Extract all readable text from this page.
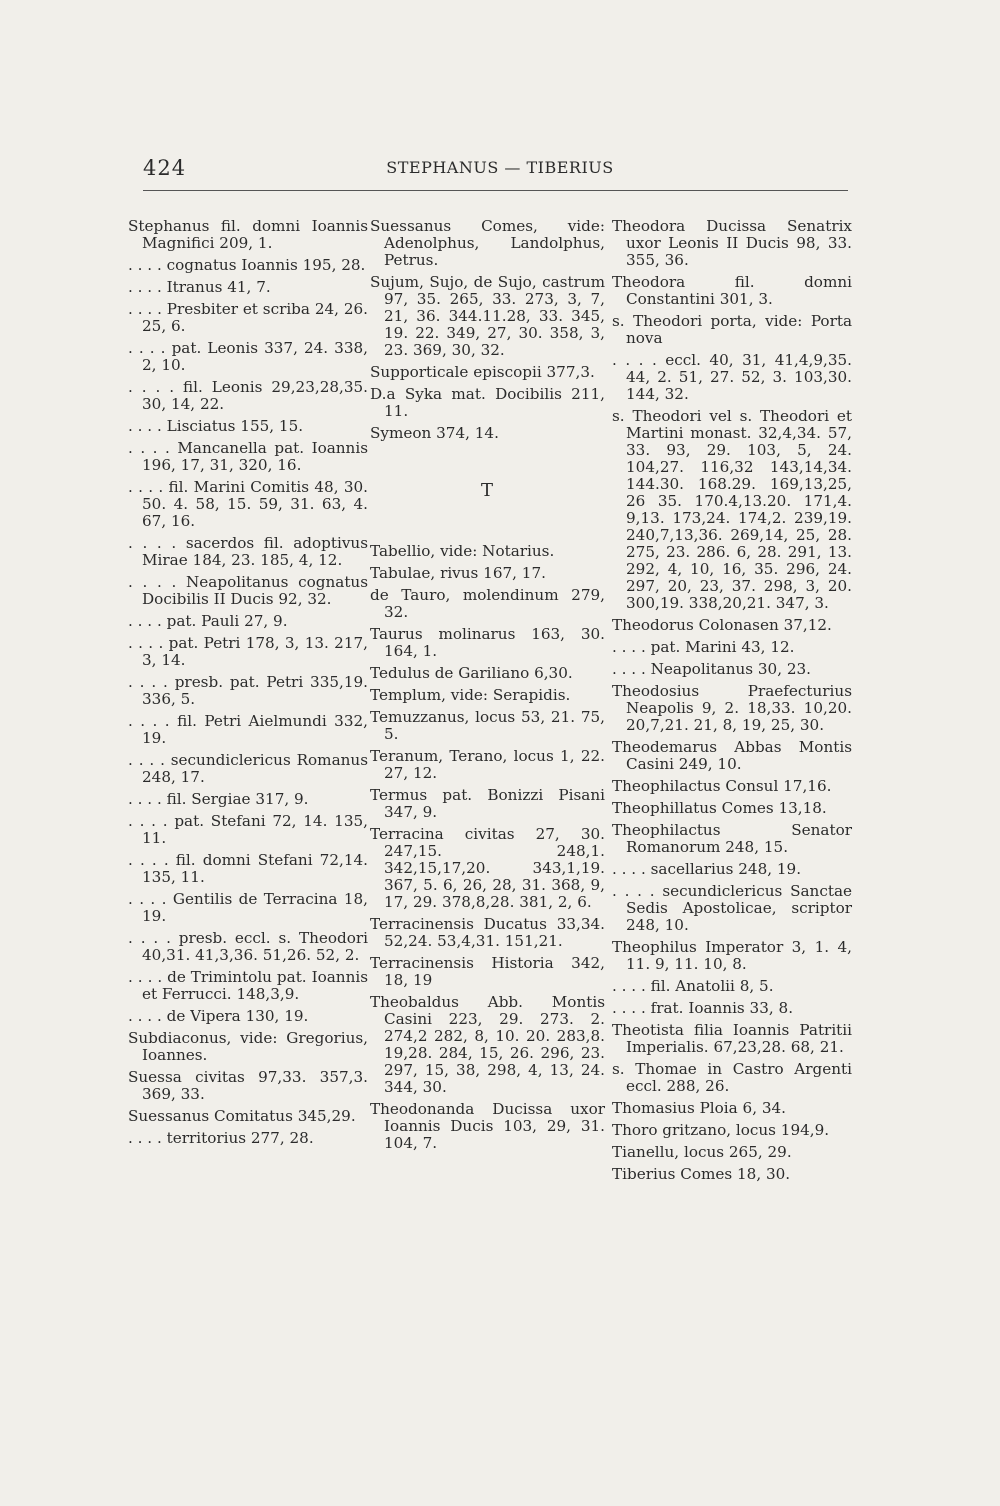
424	STEPHANUS — TIBERIUS
Stephanus fil. domni Ioannis Magnifici 209, 1.
. . . . cognatus Ioannis 195, 28.
. . . . Itranus 41, 7.
. . . . Presbiter et scriba 24, 26. 25, 6.
. . . . pat. Leonis 337, 24. 338, 2, 10.
. . . . fil. Leonis 29,23,28,35. 30, 14, 22.
. . . . Lisciatus 155, 15.
. . . . Mancanella pat. Ioannis 196, 17, 31, 320, 16.
. . . . fil. Marini Comitis 48, 30. 50. 4. 58, 15. 59, 31. 63, 4. 67, 16.
. . . . sacerdos fil. adoptivus Mirae 184, 23. 185, 4, 12.
. . . . Neapolitanus cognatus Docibilis II Ducis 92, 32.
. . . . pat. Pauli 27, 9.
. . . . pat. Petri 178, 3, 13. 217, 3, 14.
. . . . presb. pat. Petri 335,19. 336, 5.
. . . . fil. Petri Aielmundi 332, 19.
. . . . secundiclericus Romanus 248, 17.
. . . . fil. Sergiae 317, 9.
. . . . pat. Stefani 72, 14. 135, 11.
. . . . fil. domni Stefani 72,14. 135, 11.
. . . . Gentilis de Terracina 18, 19.
. . . . presb. eccl. s. Theodori 40,31. 41,3,36. 51,26. 52, 2.
. . . . de Trimintolu pat. Ioannis et Ferrucci. 148,3,9.
. . . . de Vipera 130, 19.
Subdiaconus, vide: Gregorius, Ioannes.
Suessa civitas 97,33. 357,3. 369, 33.
Suessanus Comitatus 345,29.
. . . . territorius 277, 28.
Suessanus Comes, vide: Adenolphus, Landolphus, Petrus.
Sujum, Sujo, de Sujo, castrum 97, 35. 265, 33. 273, 3, 7, 21, 36. 344.11.28, 33. 345, 19. 22. 349, 27, 30. 358, 3, 23. 369, 30, 32.
Supporticale episcopii 377,3.
D.a Syka mat. Docibilis 211, 11.
Symeon 374, 14.
T
Tabellio, vide: Notarius.
Tabulae, rivus 167, 17.
de Tauro, molendinum 279, 32.
Taurus molinarus 163, 30. 164, 1.
Tedulus de Gariliano 6,30.
Templum, vide: Serapidis.
Temuzzanus, locus 53, 21. 75, 5.
Teranum, Terano, locus 1, 22. 27, 12.
Termus pat. Bonizzi Pisani 347, 9.
Terracina civitas 27, 30. 247,15. 248,1. 342,15,17,20. 343,1,19. 367, 5. 6, 26, 28, 31. 368, 9, 17, 29. 378,8,28. 381, 2, 6.
Terracinensis Ducatus 33,34. 52,24. 53,4,31. 151,21.
Terracinensis Historia 342, 18, 19
Theobaldus Abb. Montis Casini 223, 29. 273. 2. 274,2 282, 8, 10. 20. 283,8. 19,28. 284, 15, 26. 296, 23. 297, 15, 38, 298, 4, 13, 24. 344, 30.
Theodonanda Ducissa uxor Ioannis Ducis 103, 29, 31. 104, 7.
Theodora Ducissa Senatrix uxor Leonis II Ducis 98, 33. 355, 36.
Theodora fil. domni Constantini 301, 3.
s. Theodori porta, vide: Porta nova
. . . . eccl. 40, 31, 41,4,9,35. 44, 2. 51, 27. 52, 3. 103,30. 144, 32.
s. Theodori vel s. Theodori et Martini monast. 32,4,34. 57, 33. 93, 29. 103, 5, 24. 104,27. 116,32 143,14,34. 144.30. 168.29. 169,13,25, 26 35. 170.4,13.20. 171,4. 9,13. 173,24. 174,2. 239,19. 240,7,13,36. 269,14, 25, 28. 275, 23. 286. 6, 28. 291, 13. 292, 4, 10, 16, 35. 296, 24. 297, 20, 23, 37. 298, 3, 20. 300,19. 338,20,21. 347, 3.
Theodorus Colonasen 37,12.
. . . . pat. Marini 43, 12.
. . . . Neapolitanus 30, 23.
Theodosius Praefecturius Neapolis 9, 2. 18,33. 10,20. 20,7,21. 21, 8, 19, 25, 30.
Theodemarus Abbas Montis Casini 249, 10.
Theophilactus Consul 17,16.
Theophillatus Comes 13,18.
Theophilactus Senator Romanorum 248, 15.
. . . . sacellarius 248, 19.
. . . . secundiclericus Sanctae Sedis Apostolicae, scriptor 248, 10.
Theophilus Imperator 3, 1. 4, 11. 9, 11. 10, 8.
. . . . fil. Anatolii 8, 5.
. . . . frat. Ioannis 33, 8.
Theotista filia Ioannis Patritii Imperialis. 67,23,28. 68, 21.
s. Thomae in Castro Argenti eccl. 288, 26.
Thomasius Ploia 6, 34.
Thoro gritzano, locus 194,9.
Tianellu, locus 265, 29.
Tiberius Comes 18, 30.
